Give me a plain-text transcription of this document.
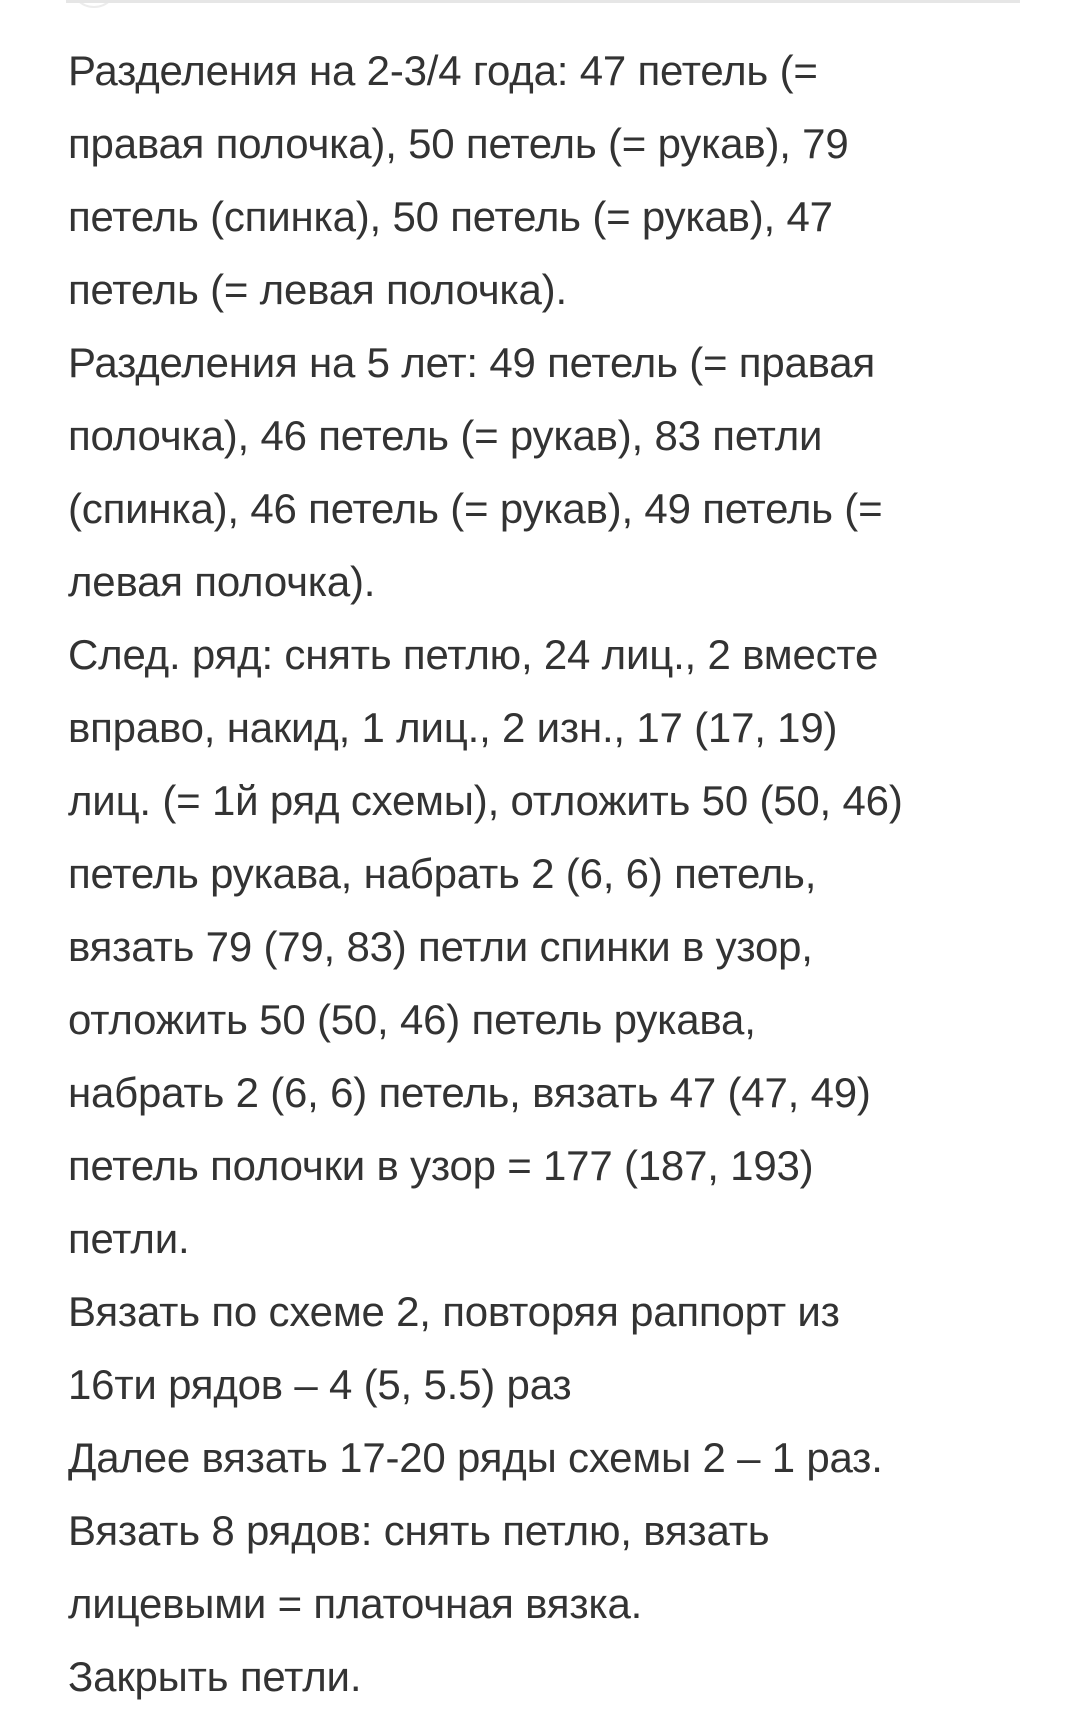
Разделения на 2-3/4 года: 47 петель (=
правая полочка), 50 петель (= рукав), 79
петель (спинка), 50 петель (= рукав), 47
петель (= левая полочка).

Разделения на 5 лет: 49 петель (= правая
полочка), 46 петель (= рукав), 83 петли
(спинка), 46 петель (= рукав), 49 петель (=
левая полочка).

След. ряд: снять петлю, 24 лиц., 2 вместе
вправо, накид, 1 лиц., 2 изн., 17 (17, 19)
лиц. (= 1й ряд схемы), отложить 50 (50, 46)
петель рукава, набрать 2 (6, 6) петель,
вязать 79 (79, 83) петли спинки в узор,
отложить 50 (50, 46) петель рукава,
набрать 2 (6, 6) петель, вязать 47 (47, 49)
петель полочки в узор = 177 (187, 193)
петли.

Вязать по схеме 2, повторяя раппорт из
16ти рядов – 4 (5, 5.5) раз

Далее вязать 17-20 ряды схемы 2 – 1 раз.

Вязать 8 рядов: снять петлю, вязать
лицевыми = платочная вязка.

Закрыть петли.
